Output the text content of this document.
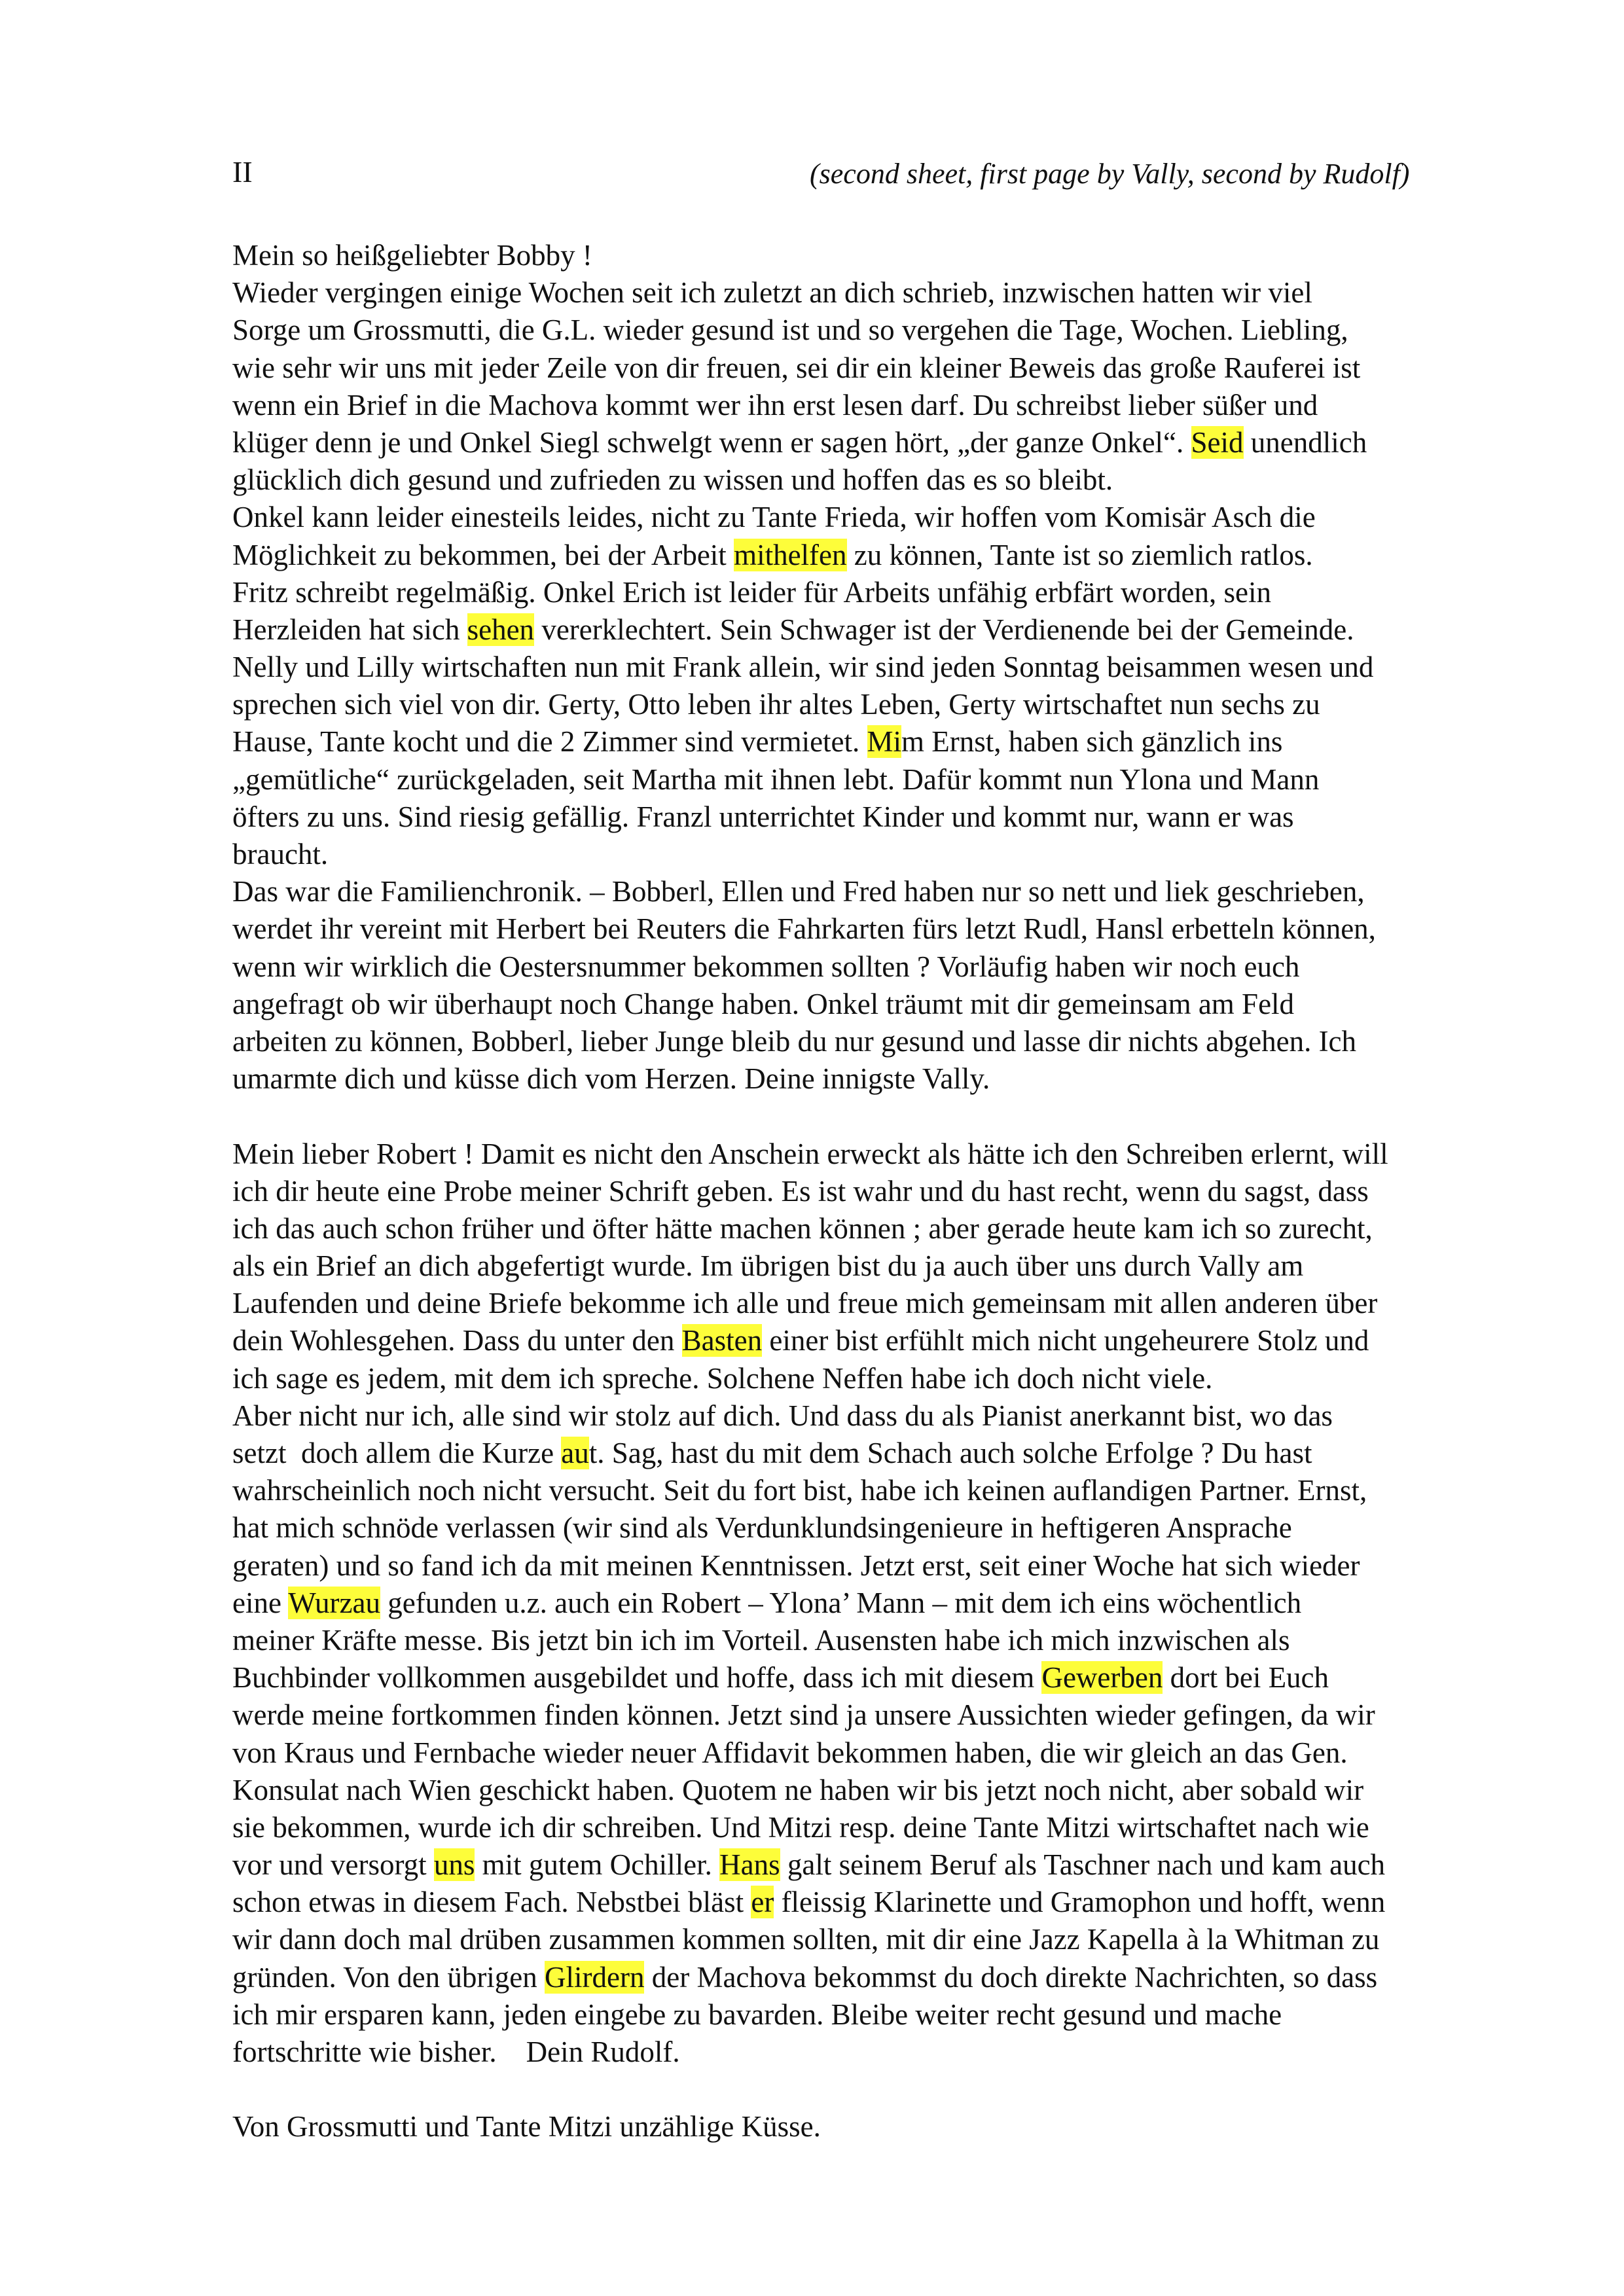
II	(second sheet, first page by Vally, second by Rudolf)
Mein so heißgeliebter Bobby !
Wieder vergingen einige Wochen seit ich zuletzt an dich schrieb, inzwischen hatten wir viel
Sorge um Grossmutti, die G.L. wieder gesund ist und so vergehen die Tage, Wochen. Liebling,
wie sehr wir uns mit jeder Zeile von dir freuen, sei dir ein kleiner Beweis das große Rauferei ist
wenn ein Brief in die Machova kommt wer ihn erst lesen darf. Du schreibst lieber süßer und
klüger denn je und Onkel Siegl schwelgt wenn er sagen hört, „der ganze Onkel“. Seid unendlich
glücklich dich gesund und zufrieden zu wissen und hoffen das es so bleibt.
Onkel kann leider einesteils leides, nicht zu Tante Frieda, wir hoffen vom Komisär Asch die
Möglichkeit zu bekommen, bei der Arbeit mithelfen zu können, Tante ist so ziemlich ratlos.
Fritz schreibt regelmäßig. Onkel Erich ist leider für Arbeits unfähig erbfärt worden, sein
Herzleiden hat sich sehen vererklechtert. Sein Schwager ist der Verdienende bei der Gemeinde.
Nelly und Lilly wirtschaften nun mit Frank allein, wir sind jeden Sonntag beisammen wesen und
sprechen sich viel von dir. Gerty, Otto leben ihr altes Leben, Gerty wirtschaftet nun sechs zu
Hause, Tante kocht und die 2 Zimmer sind vermietet. Mim Ernst, haben sich gänzlich ins
„gemütliche“ zurückgeladen, seit Martha mit ihnen lebt. Dafür kommt nun Ylona und Mann
öfters zu uns. Sind riesig gefällig. Franzl unterrichtet Kinder und kommt nur, wann er was
braucht.
Das war die Familienchronik. – Bobberl, Ellen und Fred haben nur so nett und liek geschrieben,
werdet ihr vereint mit Herbert bei Reuters die Fahrkarten fürs letzt Rudl, Hansl erbetteln können,
wenn wir wirklich die Oestersnummer bekommen sollten ? Vorläufig haben wir noch euch
angefragt ob wir überhaupt noch Change haben. Onkel träumt mit dir gemeinsam am Feld
arbeiten zu können, Bobberl, lieber Junge bleib du nur gesund und lasse dir nichts abgehen. Ich
umarmte dich und küsse dich vom Herzen. Deine innigste Vally.
Mein lieber Robert ! Damit es nicht den Anschein erweckt als hätte ich den Schreiben erlernt, will
ich dir heute eine Probe meiner Schrift geben. Es ist wahr und du hast recht, wenn du sagst, dass
ich das auch schon früher und öfter hätte machen können ; aber gerade heute kam ich so zurecht,
als ein Brief an dich abgefertigt wurde. Im übrigen bist du ja auch über uns durch Vally am
Laufenden und deine Briefe bekomme ich alle und freue mich gemeinsam mit allen anderen über
dein Wohlesgehen. Dass du unter den Basten einer bist erfühlt mich nicht ungeheurere Stolz und
ich sage es jedem, mit dem ich spreche. Solchene Neffen habe ich doch nicht viele.
Aber nicht nur ich, alle sind wir stolz auf dich. Und dass du als Pianist anerkannt bist, wo das
setzt  doch allem die Kurze aut. Sag, hast du mit dem Schach auch solche Erfolge ? Du hast
wahrscheinlich noch nicht versucht. Seit du fort bist, habe ich keinen auflandigen Partner. Ernst,
hat mich schnöde verlassen (wir sind als Verdunklundsingenieure in heftigeren Ansprache
geraten) und so fand ich da mit meinen Kenntnissen. Jetzt erst, seit einer Woche hat sich wieder
eine Wurzau gefunden u.z. auch ein Robert – Ylona’ Mann – mit dem ich eins wöchentlich
meiner Kräfte messe. Bis jetzt bin ich im Vorteil. Ausensten habe ich mich inzwischen als
Buchbinder vollkommen ausgebildet und hoffe, dass ich mit diesem Gewerben dort bei Euch
werde meine fortkommen finden können. Jetzt sind ja unsere Aussichten wieder gefingen, da wir
von Kraus und Fernbache wieder neuer Affidavit bekommen haben, die wir gleich an das Gen.
Konsulat nach Wien geschickt haben. Quotem ne haben wir bis jetzt noch nicht, aber sobald wir
sie bekommen, wurde ich dir schreiben. Und Mitzi resp. deine Tante Mitzi wirtschaftet nach wie
vor und versorgt uns mit gutem Ochiller. Hans galt seinem Beruf als Taschner nach und kam auch
schon etwas in diesem Fach. Nebstbei bläst er fleissig Klarinette und Gramophon und hofft, wenn
wir dann doch mal drüben zusammen kommen sollten, mit dir eine Jazz Kapella à la Whitman zu
gründen. Von den übrigen Glirdern der Machova bekommst du doch direkte Nachrichten, so dass
ich mir ersparen kann, jeden eingebe zu bavarden. Bleibe weiter recht gesund und mache
fortschritte wie bisher.    Dein Rudolf.
Von Grossmutti und Tante Mitzi unzählige Küsse.
